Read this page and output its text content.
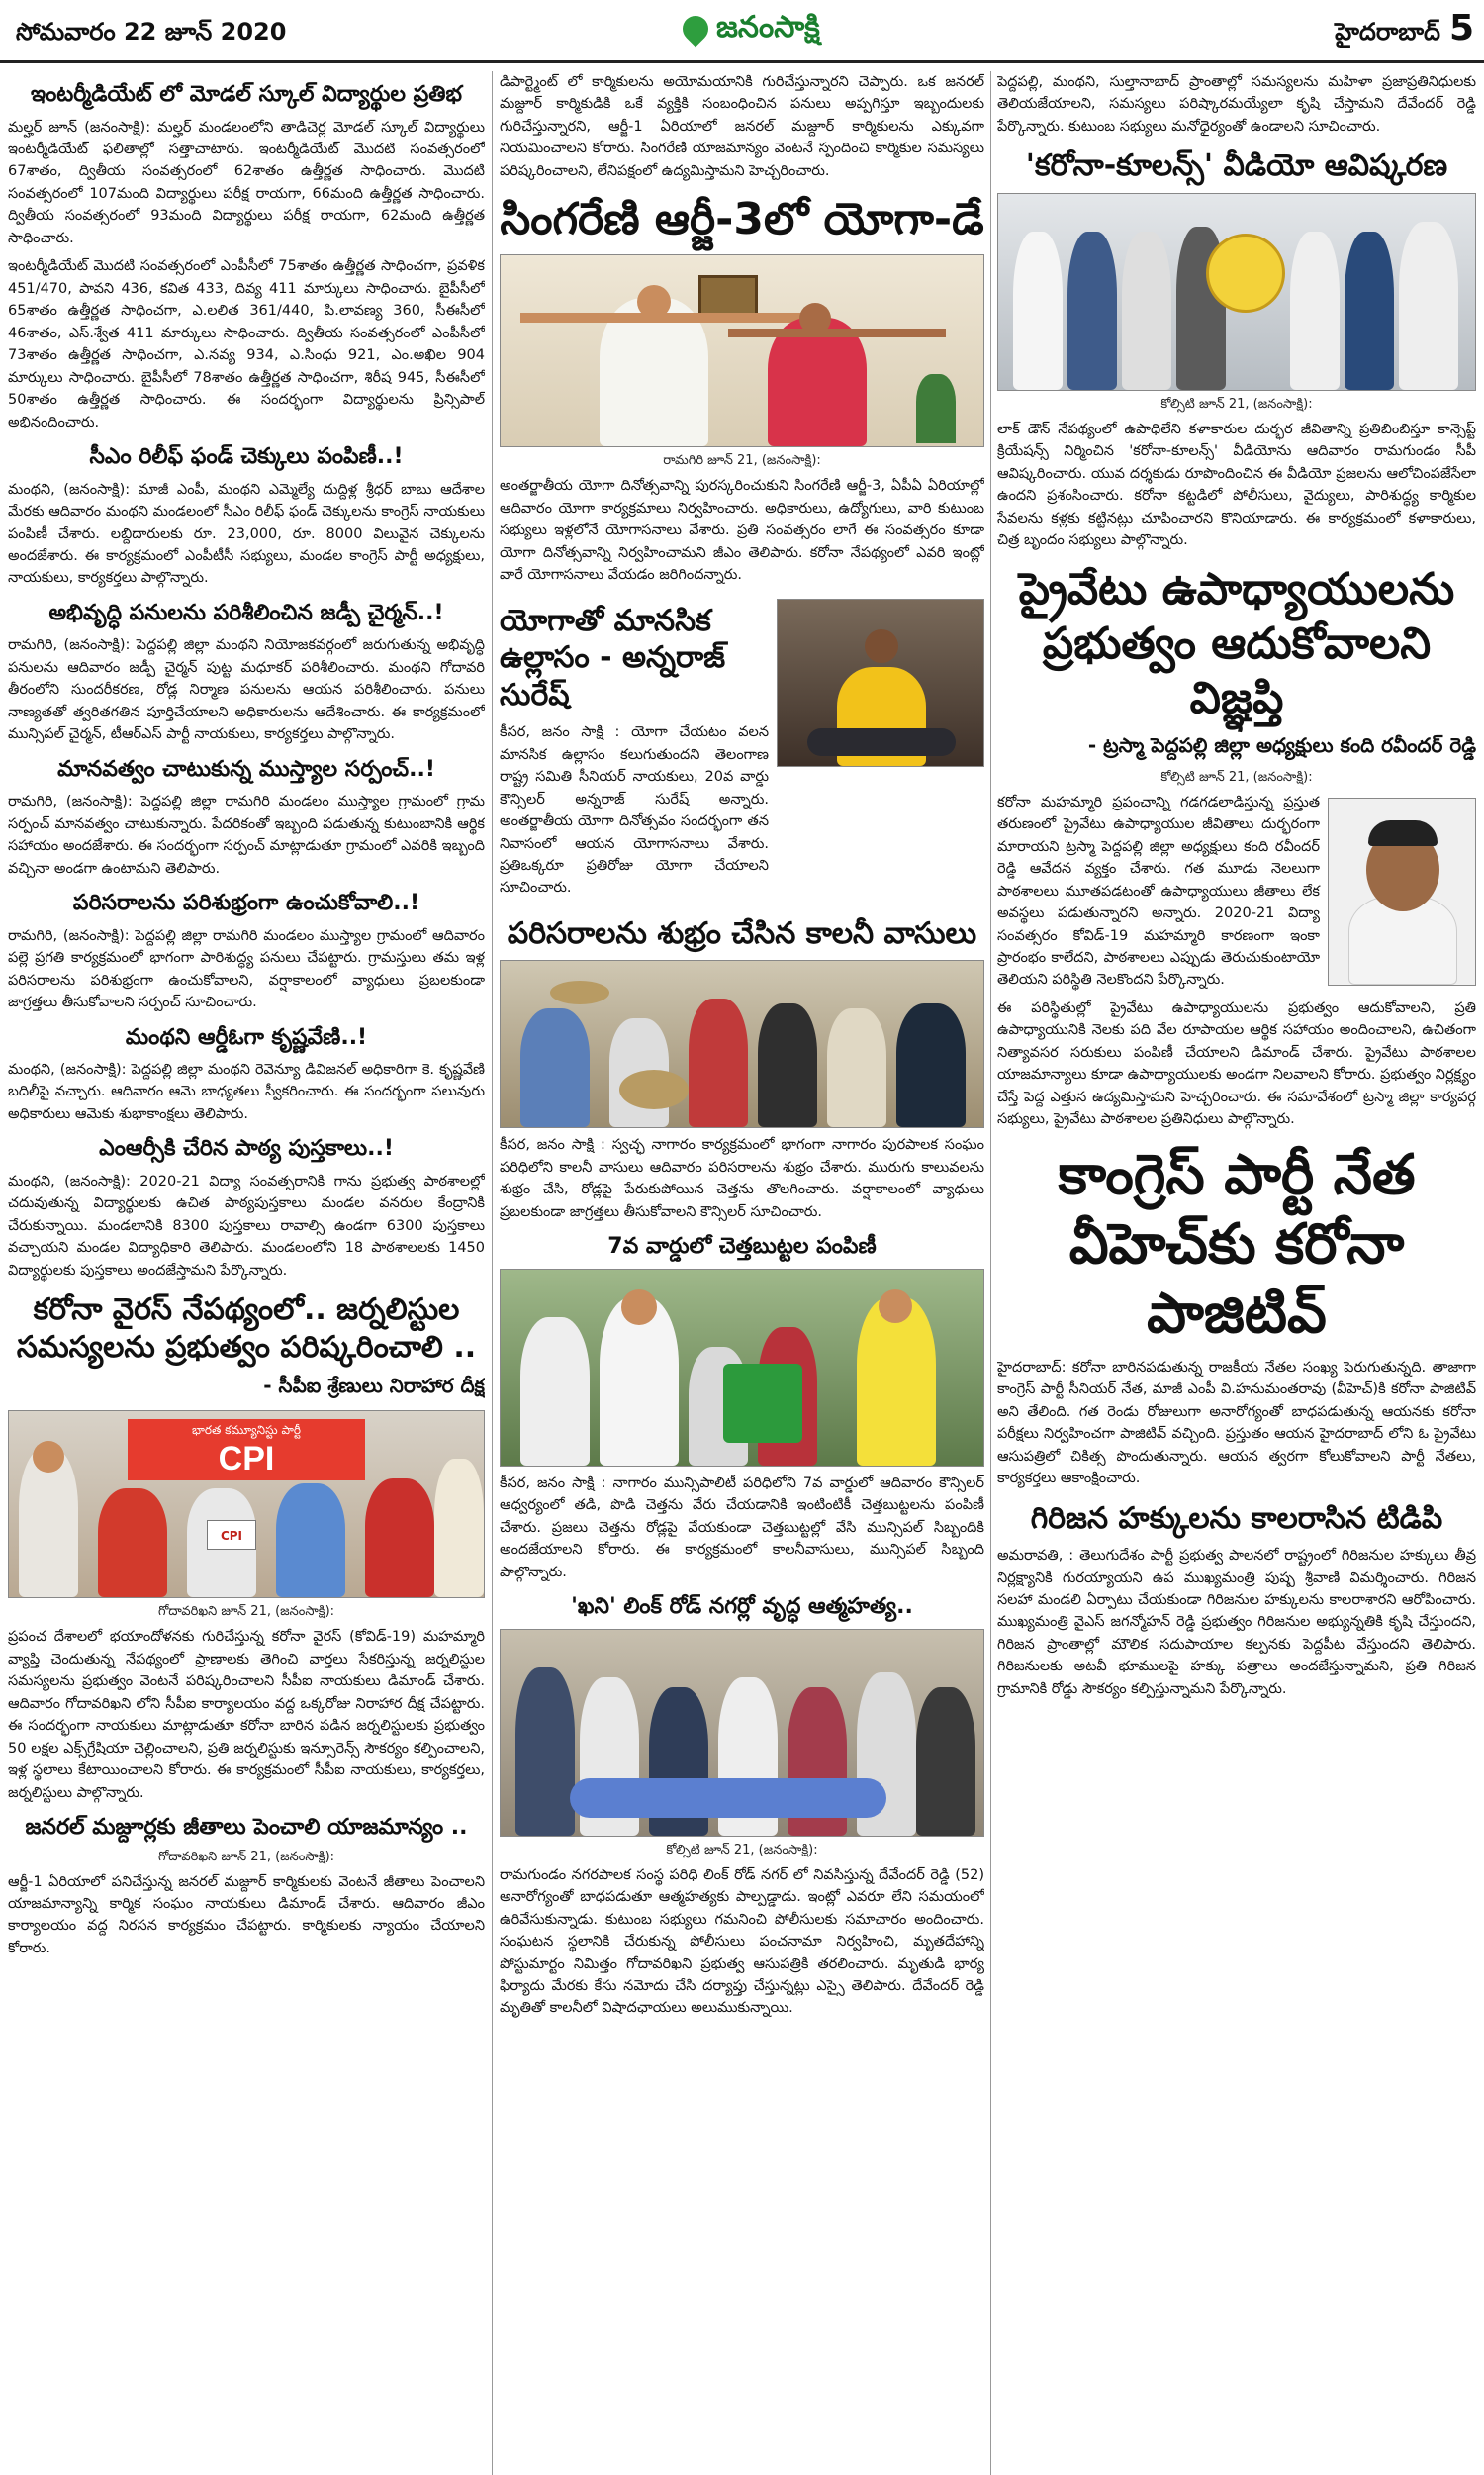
సోమవారం 22 జూన్ 2020	జనంసాక్షి	హైదరాబాద్ 5
ఇంటర్మీడియేట్ లో మోడల్ స్కూల్ విద్యార్థుల ప్రతిభ

మల్హర్ జూన్ (జనంసాక్షి): మల్హర్ మండలంలోని తాడిచెర్ల మోడల్ స్కూల్ విద్యార్థులు ఇంటర్మీడియేట్ ఫలితాల్లో సత్తాచాటారు. ఇంటర్మీడియేట్ మొదటి సంవత్సరంలో 67శాతం, ద్వితీయ సంవత్సరంలో 62శాతం ఉత్తీర్ణత సాధించారు. మొదటి సంవత్సరంలో 107మంది విద్యార్థులు పరీక్ష రాయగా, 66మంది ఉత్తీర్ణత సాధించారు. ద్వితీయ సంవత్సరంలో 93మంది విద్యార్థులు పరీక్ష రాయగా, 62మంది ఉత్తీర్ణత సాధించారు.

ఇంటర్మీడియేట్ మొదటి సంవత్సరంలో ఎంపీసీలో 75శాతం ఉత్తీర్ణత సాధించగా, ప్రవళిక 451/470, పావని 436, కవిత 433, దివ్య 411 మార్కులు సాధించారు. బైపీసీలో 65శాతం ఉత్తీర్ణత సాధించగా, ఎ.లలిత 361/440, పి.లావణ్య 360, సీఈసీలో 46శాతం, ఎస్.శ్వేత 411 మార్కులు సాధించారు. ద్వితీయ సంవత్సరంలో ఎంపీసీలో 73శాతం ఉత్తీర్ణత సాధించగా, ఎ.నవ్య 934, ఎ.సింధు 921, ఎం.అఖిల 904 మార్కులు సాధించారు. బైపీసీలో 78శాతం ఉత్తీర్ణత సాధించగా, శిరీష 945, సీఈసీలో 50శాతం ఉత్తీర్ణత సాధించారు. ఈ సందర్భంగా విద్యార్థులను ప్రిన్సిపాల్ అభినందించారు.

సీఎం రిలీఫ్ ఫండ్ చెక్కులు పంపిణీ..!

మంథని, (జనంసాక్షి): మాజీ ఎంపీ, మంథని ఎమ్మెల్యే దుద్దిళ్ల శ్రీధర్ బాబు ఆదేశాల మేరకు ఆదివారం మంథని మండలంలో సీఎం రిలీఫ్ ఫండ్ చెక్కులను కాంగ్రెస్ నాయకులు పంపిణీ చేశారు. లబ్దిదారులకు రూ. 23,000, రూ. 8000 విలువైన చెక్కులను అందజేశారు. ఈ కార్యక్రమంలో ఎంపీటీసీ సభ్యులు, మండల కాంగ్రెస్ పార్టీ అధ్యక్షులు, నాయకులు, కార్యకర్తలు పాల్గొన్నారు.

అభివృద్ధి పనులను పరిశీలించిన జడ్పీ చైర్మన్..!

రామగిరి, (జనంసాక్షి): పెద్దపల్లి జిల్లా మంథని నియోజకవర్గంలో జరుగుతున్న అభివృద్ధి పనులను ఆదివారం జడ్పీ చైర్మన్ పుట్ట మధూకర్ పరిశీలించారు. మంథని గోదావరి తీరంలోని సుందరీకరణ, రోడ్ల నిర్మాణ పనులను ఆయన పరిశీలించారు. పనులు నాణ్యతతో త్వరితగతిన పూర్తిచేయాలని అధికారులను ఆదేశించారు. ఈ కార్యక్రమంలో మున్సిపల్ చైర్మన్, టీఆర్ఎస్ పార్టీ నాయకులు, కార్యకర్తలు పాల్గొన్నారు.

మానవత్వం చాటుకున్న ముస్త్యాల సర్పంచ్..!

రామగిరి, (జనంసాక్షి): పెద్దపల్లి జిల్లా రామగిరి మండలం ముస్త్యాల గ్రామంలో గ్రామ సర్పంచ్ మానవత్వం చాటుకున్నారు. పేదరికంతో ఇబ్బంది పడుతున్న కుటుంబానికి ఆర్థిక సహాయం అందజేశారు. ఈ సందర్భంగా సర్పంచ్ మాట్లాడుతూ గ్రామంలో ఎవరికి ఇబ్బంది వచ్చినా అండగా ఉంటామని తెలిపారు.

పరిసరాలను పరిశుభ్రంగా ఉంచుకోవాలి..!

రామగిరి, (జనంసాక్షి): పెద్దపల్లి జిల్లా రామగిరి మండలం ముస్త్యాల గ్రామంలో ఆదివారం పల్లె ప్రగతి కార్యక్రమంలో భాగంగా పారిశుద్ధ్య పనులు చేపట్టారు. గ్రామస్తులు తమ ఇళ్ల పరిసరాలను పరిశుభ్రంగా ఉంచుకోవాలని, వర్షాకాలంలో వ్యాధులు ప్రబలకుండా జాగ్రత్తలు తీసుకోవాలని సర్పంచ్ సూచించారు.

మంథని ఆర్డీఓగా కృష్ణవేణి..!

మంథని, (జనంసాక్షి): పెద్దపల్లి జిల్లా మంథని రెవెన్యూ డివిజనల్ అధికారిగా కె. కృష్ణవేణి బదిలీపై వచ్చారు. ఆదివారం ఆమె బాధ్యతలు స్వీకరించారు. ఈ సందర్భంగా పలువురు అధికారులు ఆమెకు శుభాకాంక్షలు తెలిపారు.

ఎంఆర్సీకి చేరిన పాఠ్య పుస్తకాలు..!

మంథని, (జనంసాక్షి): 2020-21 విద్యా సంవత్సరానికి గాను ప్రభుత్వ పాఠశాలల్లో చదువుతున్న విద్యార్థులకు ఉచిత పాఠ్యపుస్తకాలు మండల వనరుల కేంద్రానికి చేరుకున్నాయి. మండలానికి 8300 పుస్తకాలు రావాల్సి ఉండగా 6300 పుస్తకాలు వచ్చాయని మండల విద్యాధికారి తెలిపారు. మండలంలోని 18 పాఠశాలలకు 1450 విద్యార్థులకు పుస్తకాలు అందజేస్తామని పేర్కొన్నారు.

కరోనా వైరస్ నేపథ్యంలో.. జర్నలిస్టుల సమస్యలను ప్రభుత్వం పరిష్కరించాలి ..
- సీపీఐ శ్రేణులు నిరాహార దీక్ష
భారత కమ్యూనిస్టు పార్టీ
CPI
CPI
గోదావరిఖని జూన్ 21, (జనంసాక్షి):

ప్రపంచ దేశాలలో భయాందోళనకు గురిచేస్తున్న కరోనా వైరస్ (కోవిడ్-19) మహమ్మారి వ్యాప్తి చెందుతున్న నేపథ్యంలో ప్రాణాలకు తెగించి వార్తలు సేకరిస్తున్న జర్నలిస్టుల సమస్యలను ప్రభుత్వం వెంటనే పరిష్కరించాలని సీపీఐ నాయకులు డిమాండ్ చేశారు. ఆదివారం గోదావరిఖని లోని సీపీఐ కార్యాలయం వద్ద ఒక్కరోజు నిరాహార దీక్ష చేపట్టారు. ఈ సందర్భంగా నాయకులు మాట్లాడుతూ కరోనా బారిన పడిన జర్నలిస్టులకు ప్రభుత్వం 50 లక్షల ఎక్స్‌గ్రేషియా చెల్లించాలని, ప్రతి జర్నలిస్టుకు ఇన్సూరెన్స్ సౌకర్యం కల్పించాలని, ఇళ్ల స్థలాలు కేటాయించాలని కోరారు. ఈ కార్యక్రమంలో సీపీఐ నాయకులు, కార్యకర్తలు, జర్నలిస్టులు పాల్గొన్నారు.

జనరల్ మజ్దూర్లకు జీతాలు పెంచాలి యాజమాన్యం ..
గోదావరిఖని జూన్ 21, (జనంసాక్షి):

ఆర్జీ-1 ఏరియాలో పనిచేస్తున్న జనరల్ మజ్దూర్ కార్మికులకు వెంటనే జీతాలు పెంచాలని యాజమాన్యాన్ని కార్మిక సంఘం నాయకులు డిమాండ్ చేశారు. ఆదివారం జీఎం కార్యాలయం వద్ద నిరసన కార్యక్రమం చేపట్టారు. కార్మికులకు న్యాయం చేయాలని కోరారు.

డిపార్ట్మెంట్ లో కార్మికులను అయోమయానికి గురిచేస్తున్నారని చెప్పారు. ఒక జనరల్ మజ్దూర్ కార్మికుడికి ఒకే వ్యక్తికి సంబంధించిన పనులు అప్పగిస్తూ ఇబ్బందులకు గురిచేస్తున్నారని, ఆర్జీ-1 ఏరియాలో జనరల్ మజ్దూర్ కార్మికులను ఎక్కువగా నియమించాలని కోరారు. సింగరేణి యాజమాన్యం వెంటనే స్పందించి కార్మికుల సమస్యలు పరిష్కరించాలని, లేనిపక్షంలో ఉద్యమిస్తామని హెచ్చరించారు.

సింగరేణి ఆర్జీ-3లో యోగా-డే
రామగిరి జూన్ 21, (జనంసాక్షి):

అంతర్జాతీయ యోగా దినోత్సవాన్ని పురస్కరించుకుని సింగరేణి ఆర్జీ-3, ఏపీఏ ఏరియాల్లో ఆదివారం యోగా కార్యక్రమాలు నిర్వహించారు. అధికారులు, ఉద్యోగులు, వారి కుటుంబ సభ్యులు ఇళ్లలోనే యోగాసనాలు వేశారు. ప్రతి సంవత్సరం లాగే ఈ సంవత్సరం కూడా యోగా దినోత్సవాన్ని నిర్వహించామని జీఎం తెలిపారు. కరోనా నేపథ్యంలో ఎవరి ఇంట్లో వారే యోగాసనాలు వేయడం జరిగిందన్నారు.

యోగాతో మానసిక ఉల్లాసం - అన్నరాజ్ సురేష్

కీసర, జనం సాక్షి : యోగా చేయటం వలన మానసిక ఉల్లాసం కలుగుతుందని తెలంగాణ రాష్ట్ర సమితి సీనియర్ నాయకులు, 20వ వార్డు కౌన్సిలర్ అన్నరాజ్ సురేష్ అన్నారు. అంతర్జాతీయ యోగా దినోత్సవం సందర్భంగా తన నివాసంలో ఆయన యోగాసనాలు వేశారు. ప్రతిఒక్కరూ ప్రతిరోజు యోగా చేయాలని సూచించారు.

పరిసరాలను శుభ్రం చేసిన కాలనీ వాసులు

కీసర, జనం సాక్షి : స్వచ్ఛ నాగారం కార్యక్రమంలో భాగంగా నాగారం పురపాలక సంఘం పరిధిలోని కాలనీ వాసులు ఆదివారం పరిసరాలను శుభ్రం చేశారు. మురుగు కాలువలను శుభ్రం చేసి, రోడ్లపై పేరుకుపోయిన చెత్తను తొలగించారు. వర్షాకాలంలో వ్యాధులు ప్రబలకుండా జాగ్రత్తలు తీసుకోవాలని కౌన్సిలర్ సూచించారు.

7వ వార్డులో చెత్తబుట్టల పంపిణీ

కీసర, జనం సాక్షి : నాగారం మున్సిపాలిటీ పరిధిలోని 7వ వార్డులో ఆదివారం కౌన్సిలర్ ఆధ్వర్యంలో తడి, పొడి చెత్తను వేరు చేయడానికి ఇంటింటికీ చెత్తబుట్టలను పంపిణీ చేశారు. ప్రజలు చెత్తను రోడ్లపై వేయకుండా చెత్తబుట్టల్లో వేసి మున్సిపల్ సిబ్బందికి అందజేయాలని కోరారు. ఈ కార్యక్రమంలో కాలనీవాసులు, మున్సిపల్ సిబ్బంది పాల్గొన్నారు.

'ఖని' లింక్ రోడ్ నగర్లో వృద్ధ ఆత్మహత్య..
కోల్సిటి జూన్ 21, (జనంసాక్షి):

రామగుండం నగరపాలక సంస్థ పరిధి లింక్ రోడ్ నగర్ లో నివసిస్తున్న దేవేందర్ రెడ్డి (52) అనారోగ్యంతో బాధపడుతూ ఆత్మహత్యకు పాల్పడ్డాడు. ఇంట్లో ఎవరూ లేని సమయంలో ఉరివేసుకున్నాడు. కుటుంబ సభ్యులు గమనించి పోలీసులకు సమాచారం అందించారు. సంఘటన స్థలానికి చేరుకున్న పోలీసులు పంచనామా నిర్వహించి, మృతదేహాన్ని పోస్టుమార్టం నిమిత్తం గోదావరిఖని ప్రభుత్వ ఆసుపత్రికి తరలించారు. మృతుడి భార్య ఫిర్యాదు మేరకు కేసు నమోదు చేసి దర్యాప్తు చేస్తున్నట్లు ఎస్సై తెలిపారు. దేవేందర్ రెడ్డి మృతితో కాలనీలో విషాదఛాయలు అలుముకున్నాయి.

పెద్దపల్లి, మంథని, సుల్తానాబాద్ ప్రాంతాల్లో సమస్యలను మహిళా ప్రజాప్రతినిధులకు తెలియజేయాలని, సమస్యలు పరిష్కారమయ్యేలా కృషి చేస్తామని దేవేందర్ రెడ్డి పేర్కొన్నారు. కుటుంబ సభ్యులు మనోధైర్యంతో ఉండాలని సూచించారు.

'కరోనా-కూలన్స్' వీడియో ఆవిష్కరణ
కోల్సిటి జూన్ 21, (జనంసాక్షి):

లాక్ డౌన్ నేపథ్యంలో ఉపాధిలేని కళాకారుల దుర్భర జీవితాన్ని ప్రతిబింబిస్తూ కాన్సెప్ట్ క్రియేషన్స్ నిర్మించిన 'కరోనా-కూలన్స్' వీడియోను ఆదివారం రామగుండం సీపీ ఆవిష్కరించారు. యువ దర్శకుడు రూపొందించిన ఈ వీడియో ప్రజలను ఆలోచింపజేసేలా ఉందని ప్రశంసించారు. కరోనా కట్టడిలో పోలీసులు, వైద్యులు, పారిశుద్ధ్య కార్మికుల సేవలను కళ్లకు కట్టినట్లు చూపించారని కొనియాడారు. ఈ కార్యక్రమంలో కళాకారులు, చిత్ర బృందం సభ్యులు పాల్గొన్నారు.

ప్రైవేటు ఉపాధ్యాయులను ప్రభుత్వం ఆదుకోవాలని విజ్ఞప్తి
- ట్రస్మా పెద్దపల్లి జిల్లా అధ్యక్షులు కంది రవీందర్ రెడ్డి
కోల్సిటి జూన్ 21, (జనంసాక్షి):

కరోనా మహమ్మారి ప్రపంచాన్ని గడగడలాడిస్తున్న ప్రస్తుత తరుణంలో ప్రైవేటు ఉపాధ్యాయుల జీవితాలు దుర్భరంగా మారాయని ట్రస్మా పెద్దపల్లి జిల్లా అధ్యక్షులు కంది రవీందర్ రెడ్డి ఆవేదన వ్యక్తం చేశారు. గత మూడు నెలలుగా పాఠశాలలు మూతపడటంతో ఉపాధ్యాయులు జీతాలు లేక అవస్థలు పడుతున్నారని అన్నారు. 2020-21 విద్యా సంవత్సరం కోవిడ్-19 మహమ్మారి కారణంగా ఇంకా ప్రారంభం కాలేదని, పాఠశాలలు ఎప్పుడు తెరుచుకుంటాయో తెలియని పరిస్థితి నెలకొందని పేర్కొన్నారు.

ఈ పరిస్థితుల్లో ప్రైవేటు ఉపాధ్యాయులను ప్రభుత్వం ఆదుకోవాలని, ప్రతి ఉపాధ్యాయునికి నెలకు పది వేల రూపాయల ఆర్థిక సహాయం అందించాలని, ఉచితంగా నిత్యావసర సరుకులు పంపిణీ చేయాలని డిమాండ్ చేశారు. ప్రైవేటు పాఠశాలల యాజమాన్యాలు కూడా ఉపాధ్యాయులకు అండగా నిలవాలని కోరారు. ప్రభుత్వం నిర్లక్ష్యం చేస్తే పెద్ద ఎత్తున ఉద్యమిస్తామని హెచ్చరించారు. ఈ సమావేశంలో ట్రస్మా జిల్లా కార్యవర్గ సభ్యులు, ప్రైవేటు పాఠశాలల ప్రతినిధులు పాల్గొన్నారు.

కాంగ్రెస్ పార్టీ నేత వీహెచ్‌కు కరోనా పాజిటివ్

హైదరాబాద్: కరోనా బారినపడుతున్న రాజకీయ నేతల సంఖ్య పెరుగుతున్నది. తాజాగా కాంగ్రెస్ పార్టీ సీనియర్ నేత, మాజీ ఎంపీ వి.హనుమంతరావు (వీహెచ్)కి కరోనా పాజిటివ్ అని తేలింది. గత రెండు రోజులుగా అనారోగ్యంతో బాధపడుతున్న ఆయనకు కరోనా పరీక్షలు నిర్వహించగా పాజిటివ్ వచ్చింది. ప్రస్తుతం ఆయన హైదరాబాద్ లోని ఓ ప్రైవేటు ఆసుపత్రిలో చికిత్స పొందుతున్నారు. ఆయన త్వరగా కోలుకోవాలని పార్టీ నేతలు, కార్యకర్తలు ఆకాంక్షించారు.

గిరిజన హక్కులను కాలరాసిన టిడిపి

అమరావతి, : తెలుగుదేశం పార్టీ ప్రభుత్వ పాలనలో రాష్ట్రంలో గిరిజనుల హక్కులు తీవ్ర నిర్లక్ష్యానికి గురయ్యాయని ఉప ముఖ్యమంత్రి పుష్ప శ్రీవాణి విమర్శించారు. గిరిజన సలహా మండలి ఏర్పాటు చేయకుండా గిరిజనుల హక్కులను కాలరాశారని ఆరోపించారు. ముఖ్యమంత్రి వైఎస్ జగన్మోహన్ రెడ్డి ప్రభుత్వం గిరిజనుల అభ్యున్నతికి కృషి చేస్తుందని, గిరిజన ప్రాంతాల్లో మౌలిక సదుపాయాల కల్పనకు పెద్దపీట వేస్తుందని తెలిపారు. గిరిజనులకు అటవీ భూములపై హక్కు పత్రాలు అందజేస్తున్నామని, ప్రతి గిరిజన గ్రామానికి రోడ్డు సౌకర్యం కల్పిస్తున్నామని పేర్కొన్నారు.
